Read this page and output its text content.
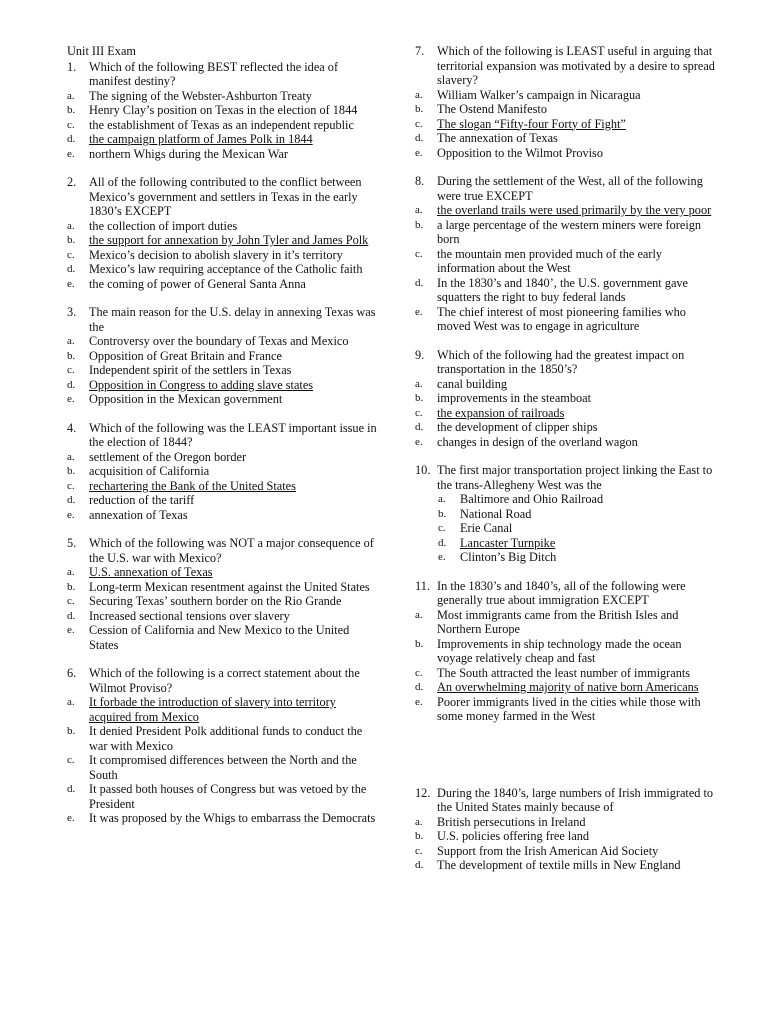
Unit III Exam
1.	Which of the following BEST reflected the idea of manifest destiny?
a.	The signing of the Webster-Ashburton Treaty
b.	Henry Clay’s position on Texas in the election of 1844
c.	the establishment of Texas as an independent republic
d.	the campaign platform of James Polk in 1844
e.	northern Whigs during the Mexican War
2.	All of the following contributed to the conflict between Mexico’s government and settlers in Texas in the early 1830’s EXCEPT
a.	the collection of import duties
b.	the support for annexation by John Tyler and James Polk
c.	Mexico’s decision to abolish slavery in it’s territory
d.	Mexico’s law requiring acceptance of the Catholic faith
e.	the coming of power of General Santa Anna
3.	The main reason for the U.S. delay in annexing Texas was the
a.	Controversy over the boundary of Texas and Mexico
b.	Opposition of Great Britain and France
c.	Independent spirit of the settlers in Texas
d.	Opposition in Congress to adding slave states
e.	Opposition in the Mexican government
4.	Which of the following was the LEAST important issue in the election of 1844?
a.	settlement of the Oregon border
b.	acquisition of California
c.	rechartering the Bank of the United States
d.	reduction of the tariff
e.	annexation of Texas
5.	Which of the following was NOT a major consequence of the U.S. war with Mexico?
a.	U.S. annexation of Texas
b.	Long-term Mexican resentment against the United States
c.	Securing Texas’ southern border on the Rio Grande
d.	Increased sectional tensions over slavery
e.	Cession of California and New Mexico to the United States
6.	Which of the following is a correct statement about the Wilmot Proviso?
a.	It forbade the introduction of slavery into territory acquired from Mexico
b.	It denied President Polk additional funds to conduct the war with Mexico
c.	It compromised differences between the North and the South
d.	It passed both houses of Congress but was vetoed by the President
e.	It was proposed by the Whigs to embarrass the Democrats
7.	Which of the following is LEAST useful in arguing that territorial expansion was motivated by a desire to spread slavery?
a.	William Walker’s campaign in Nicaragua
b.	The Ostend Manifesto
c.	The slogan “Fifty-four Forty of Fight”
d.	The annexation of Texas
e.	Opposition to the Wilmot Proviso
8.	During the settlement of the West, all of the following were true EXCEPT
a.	the overland trails were used primarily by the very poor
b.	a large percentage of the western miners were foreign born
c.	the mountain men provided much of the early information about the West
d.	In the 1830’s and 1840’, the U.S. government gave squatters the right to buy federal lands
e.	The chief interest of most pioneering families who moved West was to engage in agriculture
9.	Which of the following had the greatest impact on transportation in the 1850’s?
a.	canal building
b.	improvements in the steamboat
c.	the expansion of railroads
d.	the development of clipper ships
e.	changes in design of the overland wagon
10. The first major transportation project linking the East to the trans-Allegheny West was the
a.	Baltimore and Ohio Railroad
b.	National Road
c.	Erie Canal
d.	Lancaster Turnpike
e.	Clinton’s Big Ditch
11. In the 1830’s and 1840’s, all of the following were generally true about immigration EXCEPT
a.	Most immigrants came from the British Isles and Northern Europe
b.	Improvements in ship technology made the ocean voyage relatively cheap and fast
c.	The South attracted the least number of immigrants
d.	An overwhelming majority of native born Americans
e.	Poorer immigrants lived in the cities while those with some money farmed in the West
12. During the 1840’s, large numbers of Irish immigrated to the United States mainly because of
a.	British persecutions in Ireland
b.	U.S. policies offering free land
c.	Support from the Irish American Aid Society
d.	The development of textile mills in New England
